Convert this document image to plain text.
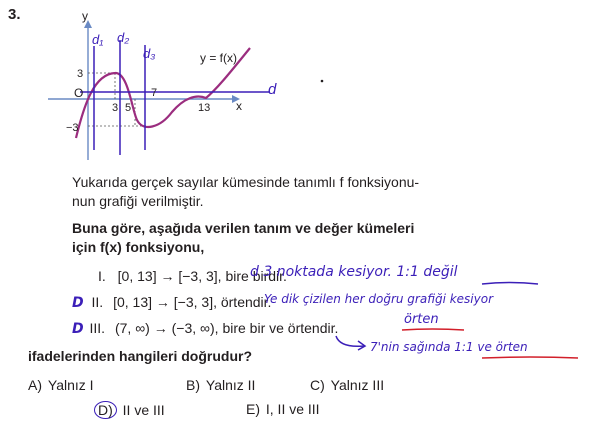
3.	y
x
O
3
−3
3 5
7
13
y = f(x)
d₁ d₂
d₃
d
Yukarıda gerçek sayılar kümesinde tanımlı f fonksiyonu-
nun grafiği verilmiştir.
Buna göre, aşağıda verilen tanım ve değer kümeleri
için f(x) fonksiyonu,
I. [0, 13] → [−3, 3], bire birdir.
D II. [0, 13] → [−3, 3], örtendir.
D III. (7, ∞) → (−3, ∞), bire bir ve örtendir.
d 3 noktada kesiyor. 1:1 değil
Ye dik çizilen her doğru grafiği kesiyor
örten
7'nin sağında 1:1 ve örten
ifadelerinden hangileri doğrudur?
A) Yalnız I	B) Yalnız II	C) Yalnız III
D) II ve III	E) I, II ve III
